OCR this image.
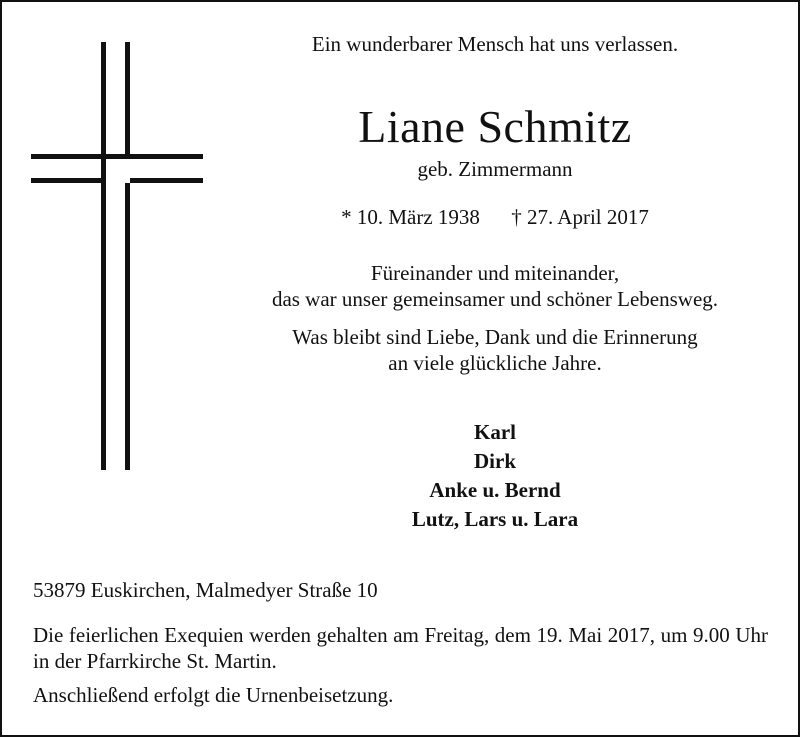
Ein wunderbarer Mensch hat uns verlassen.
Liane Schmitz
geb. Zimmermann
* 10. März 1938 † 27. April 2017
Füreinander und miteinander,
das war unser gemeinsamer und schöner Lebensweg.
Was bleibt sind Liebe, Dank und die Erinnerung
an viele glückliche Jahre.
Karl
Dirk
Anke u. Bernd
Lutz, Lars u. Lara
53879 Euskirchen, Malmedyer Straße 10
Die feierlichen Exequien werden gehalten am Freitag, dem 19. Mai 2017, um 9.00 Uhr in der Pfarrkirche St. Martin.
Anschließend erfolgt die Urnenbeisetzung.
